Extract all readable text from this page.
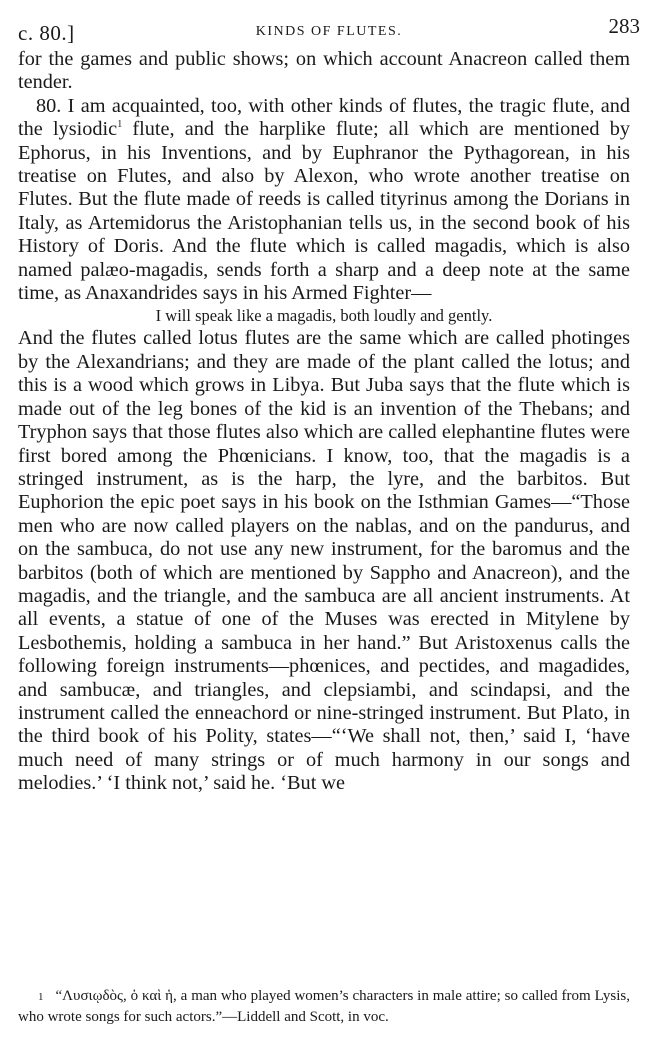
c. 80.]	KINDS OF FLUTES.	283

for the games and public shows; on which account Anacreon called them tender.

80. I am acquainted, too, with other kinds of flutes, the tragic flute, and the lysiodic$^1$ flute, and the harplike flute; all which are mentioned by Ephorus, in his Inventions, and by Euphranor the Pythagorean, in his treatise on Flutes, and also by Alexon, who wrote another treatise on Flutes. But the flute made of reeds is called tityrinus among the Dorians in Italy, as Artemidorus the Aristophanian tells us, in the second book of his History of Doris. And the flute which is called magadis, which is also named palæo-magadis, sends forth a sharp and a deep note at the same time, as Anaxandrides says in his Armed Fighter—

I will speak like a magadis, both loudly and gently.

And the flutes called lotus flutes are the same which are called photinges by the Alexandrians; and they are made of the plant called the lotus; and this is a wood which grows in Libya. But Juba says that the flute which is made out of the leg bones of the kid is an invention of the Thebans; and Tryphon says that those flutes also which are called elephantine flutes were first bored among the Phœnicians. I know, too, that the magadis is a stringed instrument, as is the harp, the lyre, and the barbitos. But Euphorion the epic poet says in his book on the Isthmian Games—“Those men who are now called players on the nablas, and on the pandurus, and on the sambuca, do not use any new instrument, for the baromus and the barbitos (both of which are mentioned by Sappho and Anacreon), and the magadis, and the triangle, and the sambuca are all ancient instruments. At all events, a statue of one of the Muses was erected in Mitylene by Lesbothemis, holding a sambuca in her hand.” But Aristoxenus calls the following foreign instruments—phœnices, and pectides, and magadides, and sambucæ, and triangles, and clepsiambi, and scindapsi, and the instrument called the enneachord or nine-stringed instrument. But Plato, in the third book of his Polity, states—“‘We shall not, then,’ said I, ‘have much need of many strings or of much harmony in our songs and melodies.’ ‘I think not,’ said he. ‘But we

1 “Λυσιῳδὸς, ὁ καὶ ἡ, a man who played women’s characters in male attire; so called from Lysis, who wrote songs for such actors.”—Liddell and Scott, in voc.
